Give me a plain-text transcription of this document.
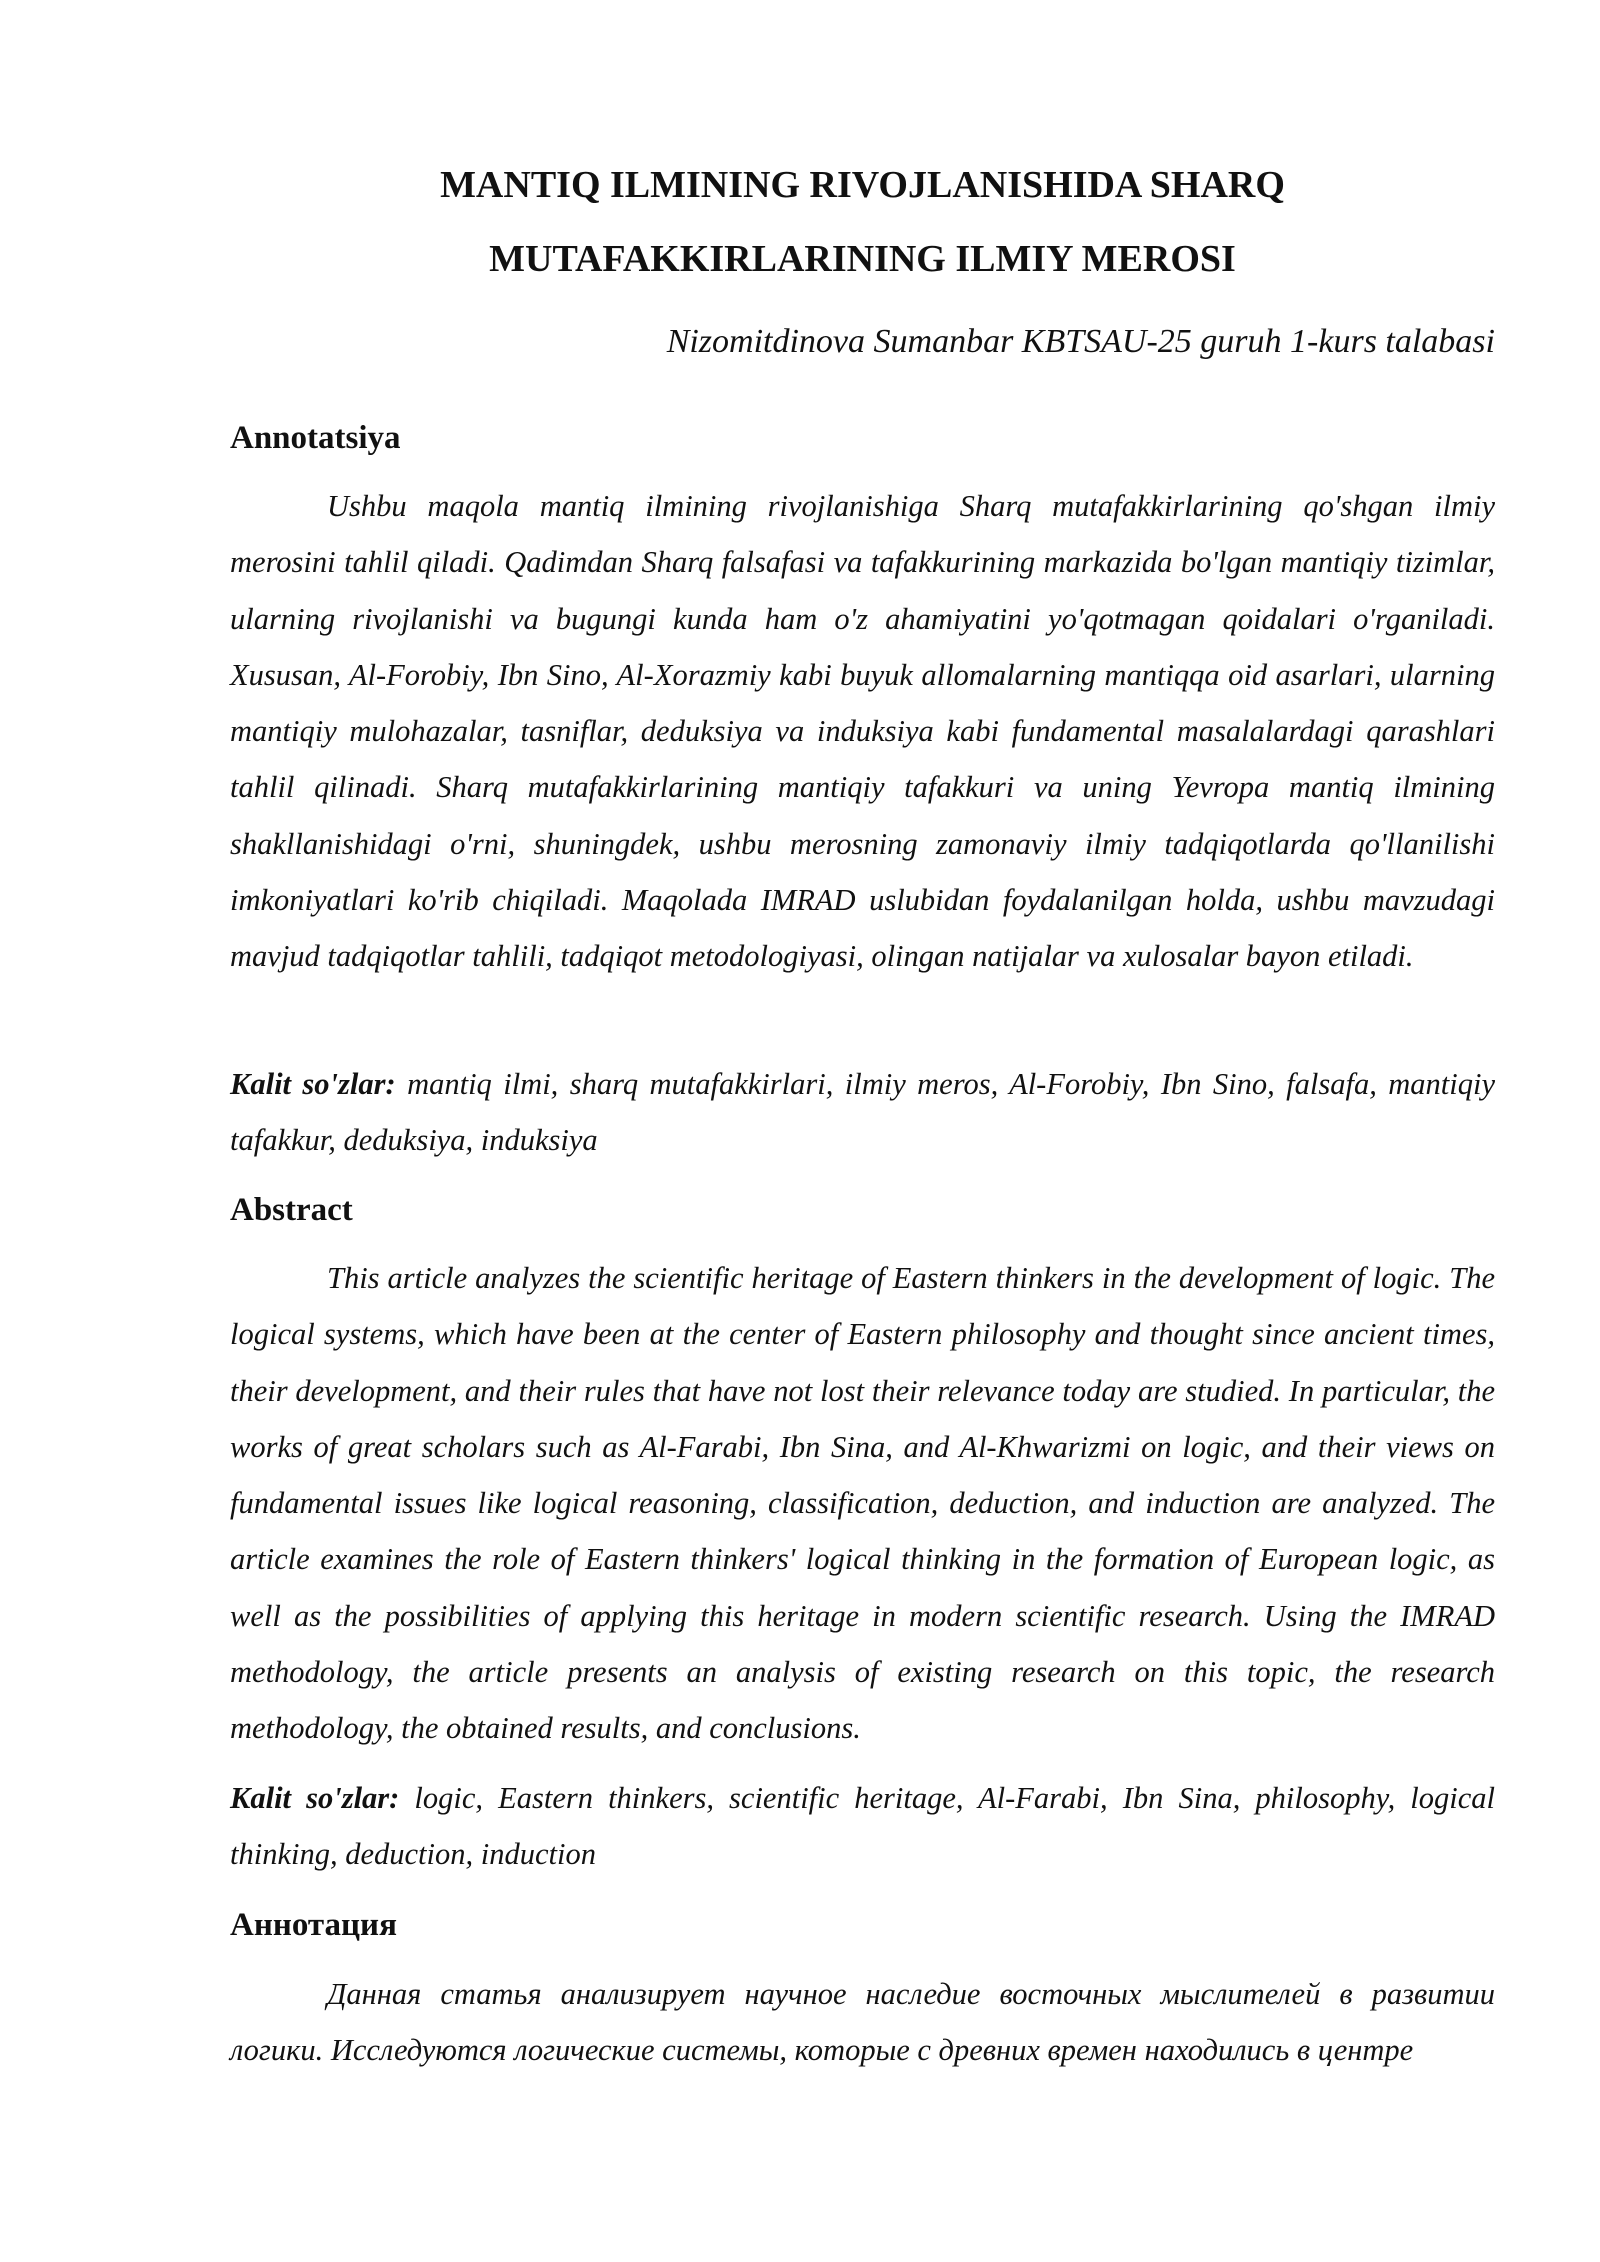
MANTIQ ILMINING RIVOJLANISHIDA SHARQ
MUTAFAKKIRLARINING ILMIY MEROSI

Nizomitdinova Sumanbar KBTSAU-25 guruh 1-kurs talabasi

Annotatsiya

Ushbu maqola mantiq ilmining rivojlanishiga Sharq mutafakkirlarining qo'shgan ilmiy merosini tahlil qiladi. Qadimdan Sharq falsafasi va tafakkurining markazida bo'lgan mantiqiy tizimlar, ularning rivojlanishi va bugungi kunda ham o'z ahamiyatini yo'qotmagan qoidalari o'rganiladi. Xususan, Al-Forobiy, Ibn Sino, Al-Xorazmiy kabi buyuk allomalarning mantiqqa oid asarlari, ularning mantiqiy mulohazalar, tasniflar, deduksiya va induksiya kabi fundamental masalalardagi qarashlari tahlil qilinadi. Sharq mutafakkirlarining mantiqiy tafakkuri va uning Yevropa mantiq ilmining shakllanishidagi o'rni, shuningdek, ushbu merosning zamonaviy ilmiy tadqiqotlarda qo'llanilishi imkoniyatlari ko'rib chiqiladi. Maqolada IMRAD uslubidan foydalanilgan holda, ushbu mavzudagi mavjud tadqiqotlar tahlili, tadqiqot metodologiyasi, olingan natijalar va xulosalar bayon etiladi.

Kalit so'zlar: mantiq ilmi, sharq mutafakkirlari, ilmiy meros, Al-Forobiy, Ibn Sino, falsafa, mantiqiy tafakkur, deduksiya, induksiya

Abstract

This article analyzes the scientific heritage of Eastern thinkers in the development of logic. The logical systems, which have been at the center of Eastern philosophy and thought since ancient times, their development, and their rules that have not lost their relevance today are studied. In particular, the works of great scholars such as Al-Farabi, Ibn Sina, and Al-Khwarizmi on logic, and their views on fundamental issues like logical reasoning, classification, deduction, and induction are analyzed. The article examines the role of Eastern thinkers' logical thinking in the formation of European logic, as well as the possibilities of applying this heritage in modern scientific research. Using the IMRAD methodology, the article presents an analysis of existing research on this topic, the research methodology, the obtained results, and conclusions.

Kalit so'zlar: logic, Eastern thinkers, scientific heritage, Al-Farabi, Ibn Sina, philosophy, logical thinking, deduction, induction

Аннотация

Данная статья анализирует научное наследие восточных мыслителей в развитии логики. Исследуются логические системы, которые с древних времен находились в центре
